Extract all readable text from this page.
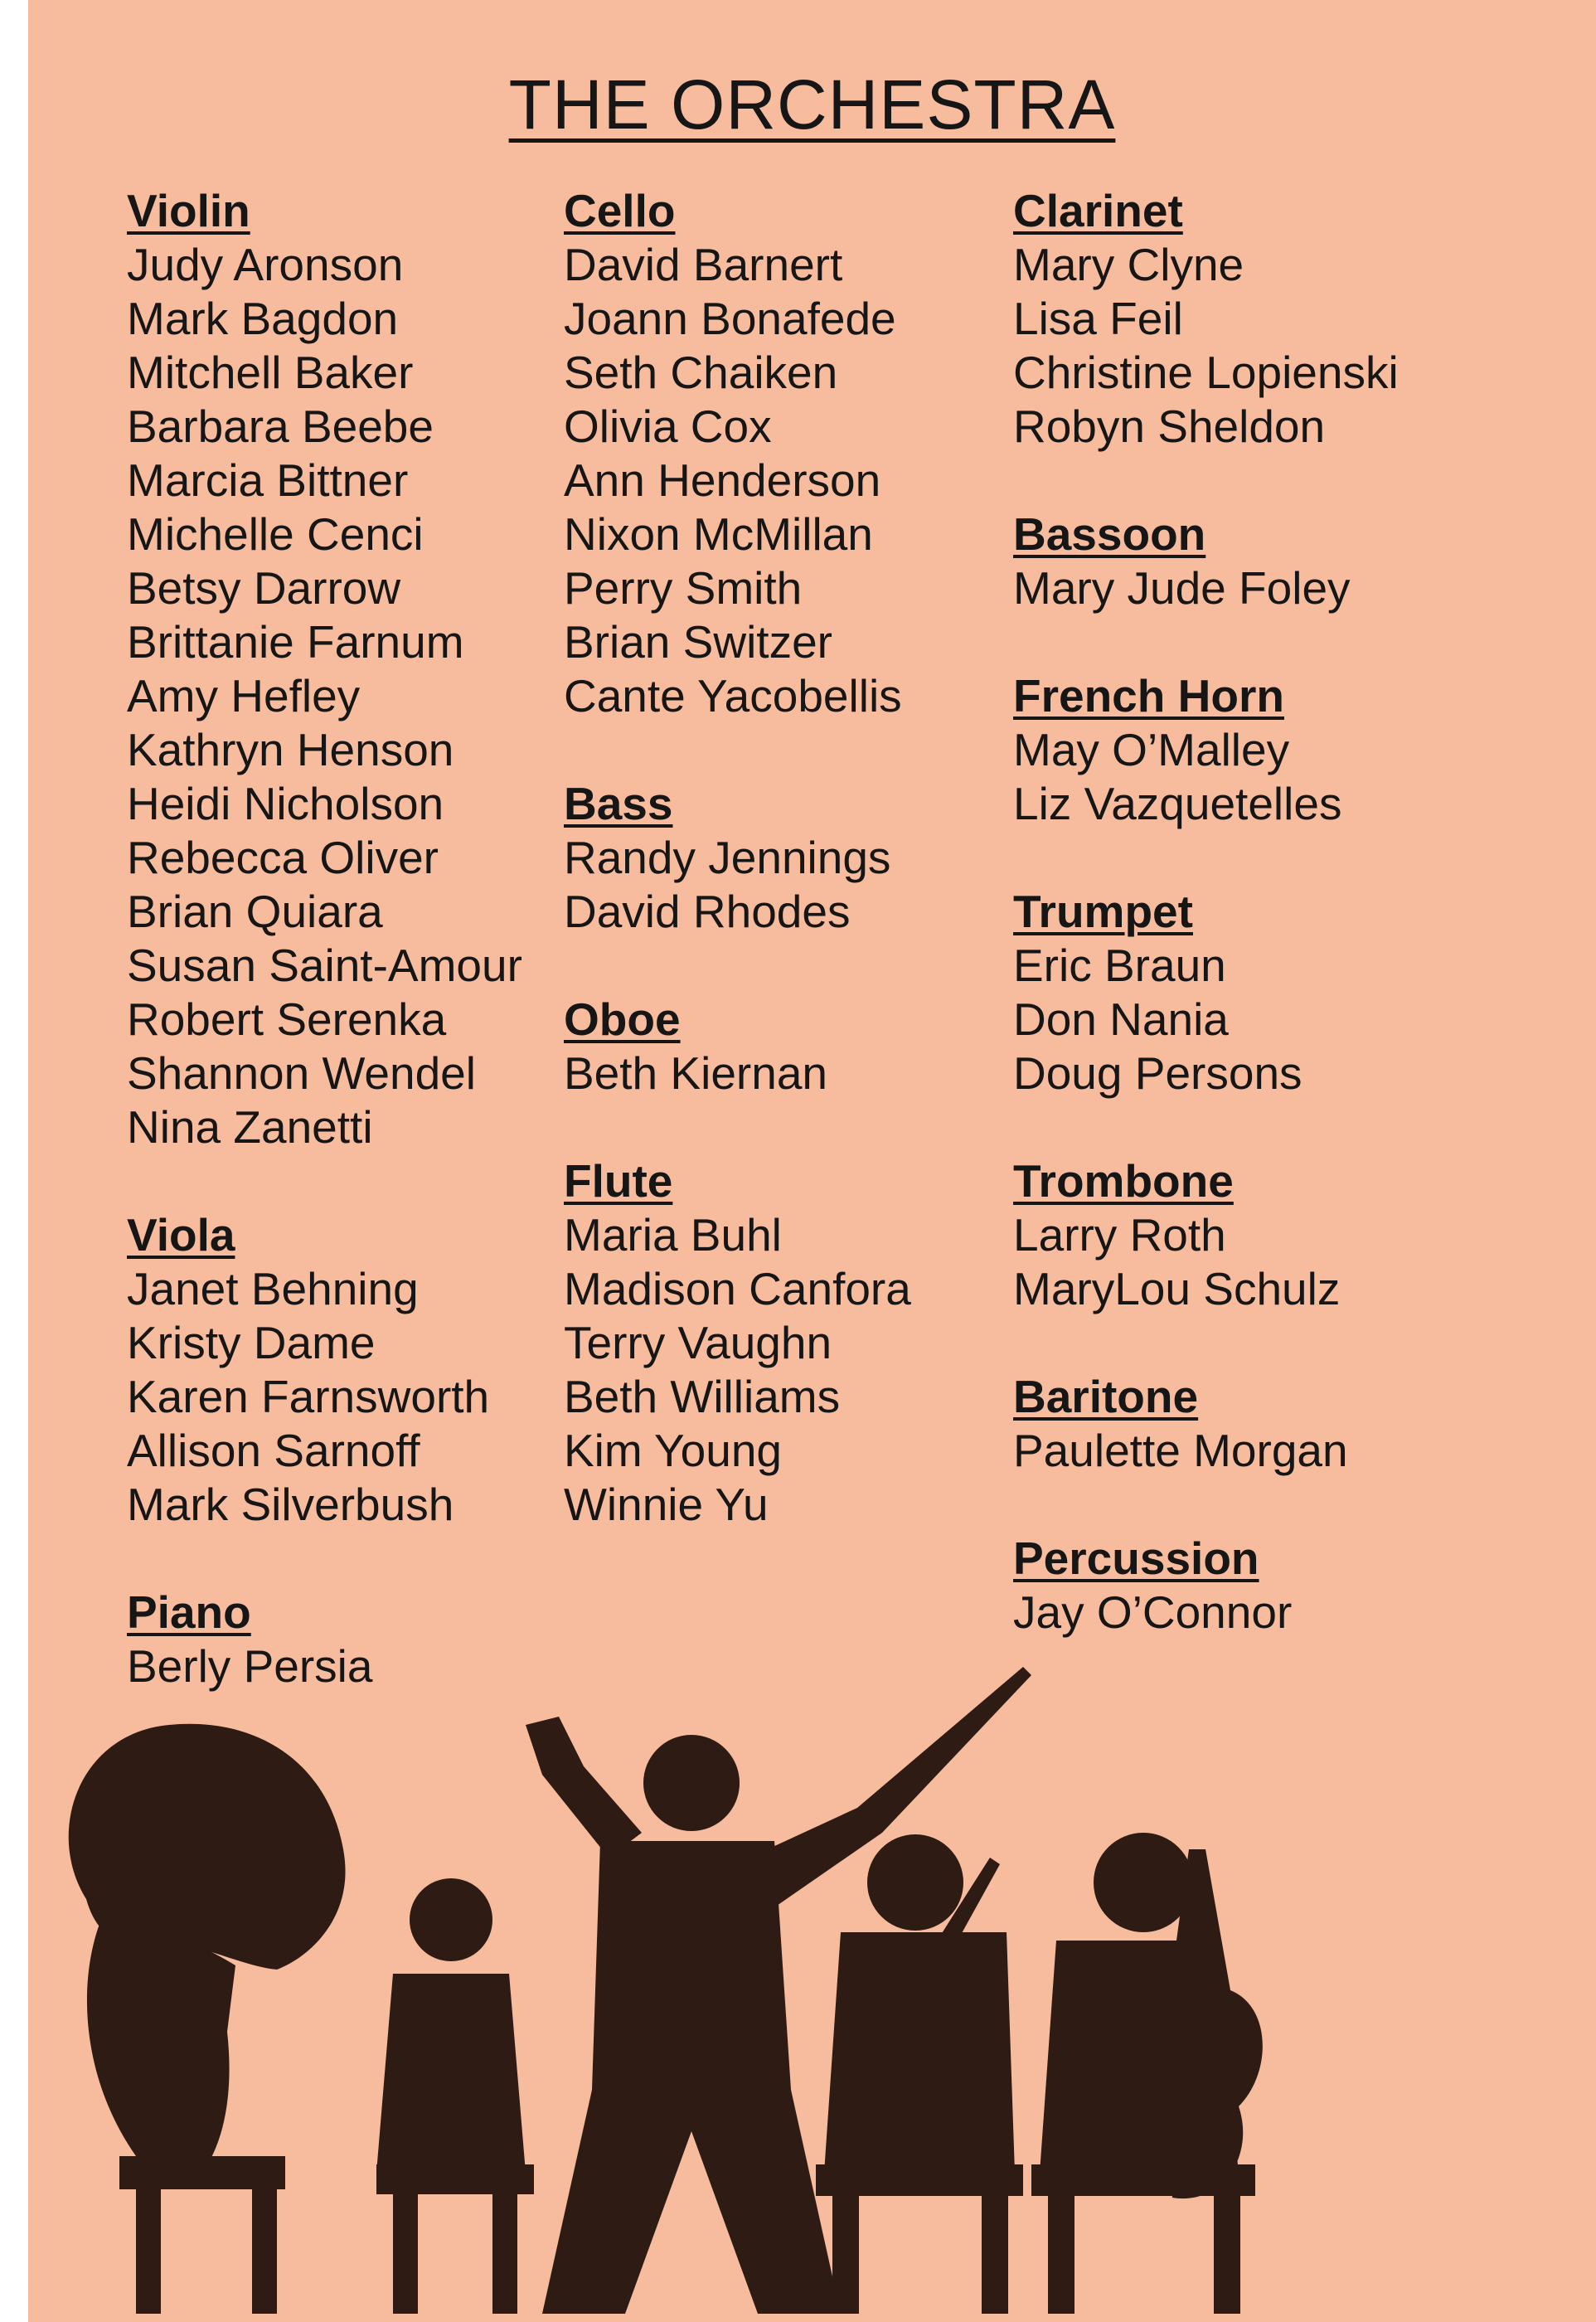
THE ORCHESTRA
Violin
Judy Aronson
Mark Bagdon
Mitchell Baker
Barbara Beebe
Marcia Bittner
Michelle Cenci
Betsy Darrow
Brittanie Farnum
Amy Hefley
Kathryn Henson
Heidi Nicholson
Rebecca Oliver
Brian Quiara
Susan Saint-Amour
Robert Serenka
Shannon Wendel
Nina Zanetti
Viola
Janet Behning
Kristy Dame
Karen Farnsworth
Allison Sarnoff
Mark Silverbush
Piano
Berly Persia
Cello
David Barnert
Joann Bonafede
Seth Chaiken
Olivia Cox
Ann Henderson
Nixon McMillan
Perry Smith
Brian Switzer
Cante Yacobellis
Bass
Randy Jennings
David Rhodes
Oboe
Beth Kiernan
Flute
Maria Buhl
Madison Canfora
Terry Vaughn
Beth Williams
Kim Young
Winnie Yu
Clarinet
Mary Clyne
Lisa Feil
Christine Lopienski
Robyn Sheldon
Bassoon
Mary Jude Foley
French Horn
May O’Malley
Liz Vazquetelles
Trumpet
Eric Braun
Don Nania
Doug Persons
Trombone
Larry Roth
MaryLou Schulz
Baritone
Paulette Morgan
Percussion
Jay O’Connor
